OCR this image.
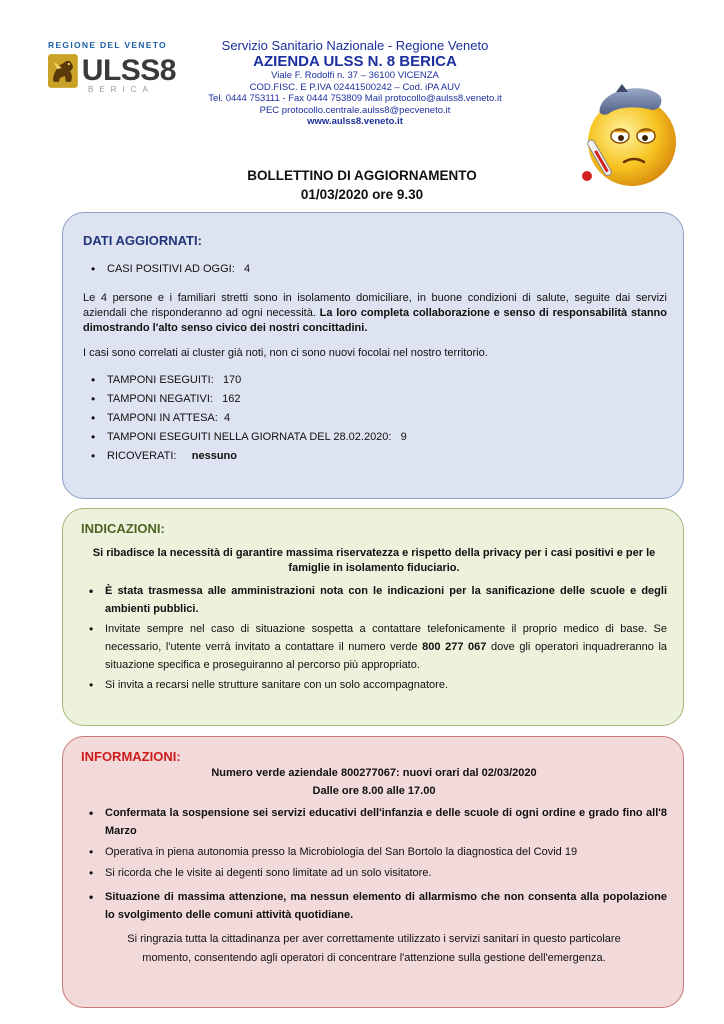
REGIONE DEL VENETO
ULSS8
BERICA
Servizio Sanitario Nazionale - Regione Veneto
AZIENDA ULSS N. 8 BERICA
Viale F. Rodolfi n. 37 – 36100 VICENZA
COD.FISC. E P.IVA 02441500242 – Cod. iPA AUV
Tel. 0444 753111 - Fax 0444 753809 Mail protocollo@aulss8.veneto.it
PEC protocollo.centrale.aulss8@pecveneto.it
www.aulss8.veneto.it
BOLLETTINO DI AGGIORNAMENTO
01/03/2020 ore 9.30
DATI AGGIORNATI:
• CASI POSITIVI AD OGGI: 4

Le 4 persone e i familiari stretti sono in isolamento domiciliare, in buone condizioni di salute, seguite dai servizi aziendali che risponderanno ad ogni necessità. La loro completa collaborazione e senso di responsabilità stanno dimostrando l'alto senso civico dei nostri concittadini.

I casi sono correlati ai cluster già noti, non ci sono nuovi focolai nel nostro territorio.

• TAMPONI ESEGUITI: 170
• TAMPONI NEGATIVI: 162
• TAMPONI IN ATTESA: 4
• TAMPONI ESEGUITI NELLA GIORNATA DEL 28.02.2020: 9
• RICOVERATI: nessuno
INDICAZIONI:

Si ribadisce la necessità di garantire massima riservatezza e rispetto della privacy per i casi positivi e per le famiglie in isolamento fiduciario.

• È stata trasmessa alle amministrazioni nota con le indicazioni per la sanificazione delle scuole e degli ambienti pubblici.
• Invitate sempre nel caso di situazione sospetta a contattare telefonicamente il proprio medico di base. Se necessario, l'utente verrà invitato a contattare il numero verde 800 277 067 dove gli operatori inquadreranno la situazione specifica e proseguiranno al percorso più appropriato.
• Si invita a recarsi nelle strutture sanitare con un solo accompagnatore.
INFORMAZIONI:

Numero verde aziendale 800277067: nuovi orari dal 02/03/2020

Dalle ore 8.00 alle 17.00

• Confermata la sospensione sei servizi educativi dell'infanzia e delle scuole di ogni ordine e grado fino all'8 Marzo
• Operativa in piena autonomia presso la Microbiologia del San Bortolo la diagnostica del Covid 19
• Si ricorda che le visite ai degenti sono limitate ad un solo visitatore.
• Situazione di massima attenzione, ma nessun elemento di allarmismo che non consenta alla popolazione lo svolgimento delle comuni attività quotidiane.

Si ringrazia tutta la cittadinanza per aver correttamente utilizzato i servizi sanitari in questo particolare momento, consentendo agli operatori di concentrare l'attenzione sulla gestione dell'emergenza.
